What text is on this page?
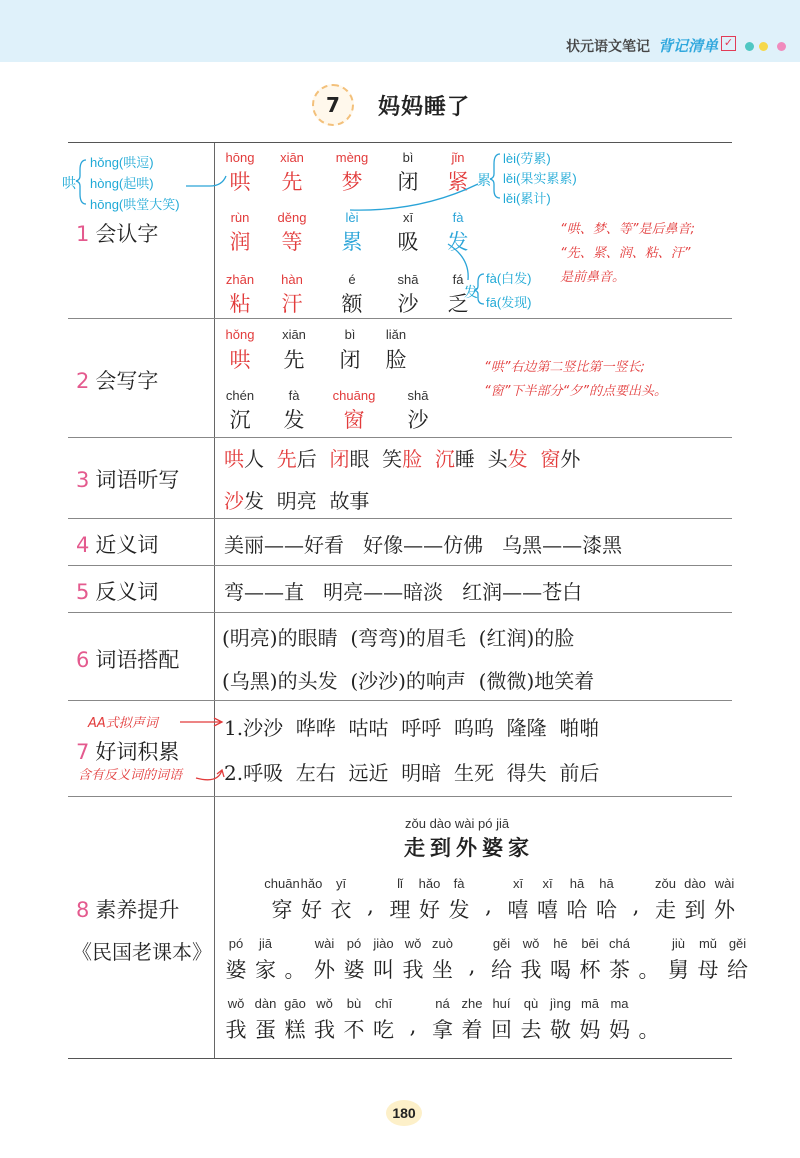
状元语文笔记 背记清单 ✓
7	妈妈睡了
1 会认字
2 会写字
3 词语听写
4 近义词
5 反义词
6 词语搭配
7 好词积累
8 素养提升
《民国老课本》
hōng
哄
xiān
先
mèng
梦
bì
闭
jǐn
紧
rùn
润
děng
等
lèi
累
xī
吸
fà
发
zhān
粘
hàn
汗
é
额
shā
沙
fá
乏
哄
hǒng(哄逗)
hòng(起哄)
hōng(哄堂大笑)
累
lèi(劳累)
lěi(果实累累)
lěi(累计)
发
fà(白发)
fā(发现)
“哄、梦、等”是后鼻音;
“先、紧、润、粘、汗”
是前鼻音。
hǒng
哄
xiān
先
bì
闭
liǎn
脸
chén
沉
fà
发
chuāng
窗
shā
沙
“哄”右边第二竖比第一竖长;
“窗”下半部分“夕”的点要出头。
哄人 先后 闭眼 笑脸 沉睡 头发 窗外
沙发 明亮 故事
美丽——好看   好像——仿佛   乌黑——漆黑
弯——直   明亮——暗淡   红润——苍白
(明亮)的眼睛  (弯弯)的眉毛  (红润)的脸
(乌黑)的头发  (沙沙)的响声  (微微)地笑着
1.沙沙  哗哗  咕咕  呼呼  呜呜  隆隆  啪啪
2.呼吸  左右  远近  明暗  生死  得失  前后
AA式拟声词
含有反义词的词语
zǒu dào wài pó jiā
走到外婆家
穿
chuān
好
hǎo
衣
yī
, 理
lǐ
好
hǎo
发
fà
, 嘻
xī
嘻
xī
哈
hā
哈
hā
, 走
zǒu
到
dào
外
wài
婆
pó
家
jiā
。 外
wài
婆
pó
叫
jiào
我
wǒ
坐
zuò
, 给
gěi
我
wǒ
喝
hē
杯
bēi
茶
chá
。 舅
jiù
母
mǔ
给
gěi
我
wǒ
蛋
dàn
糕
gāo
我
wǒ
不
bù
吃
chī
, 拿
ná
着
zhe
回
huí
去
qù
敬
jìng
妈
mā
妈
ma
。
180
